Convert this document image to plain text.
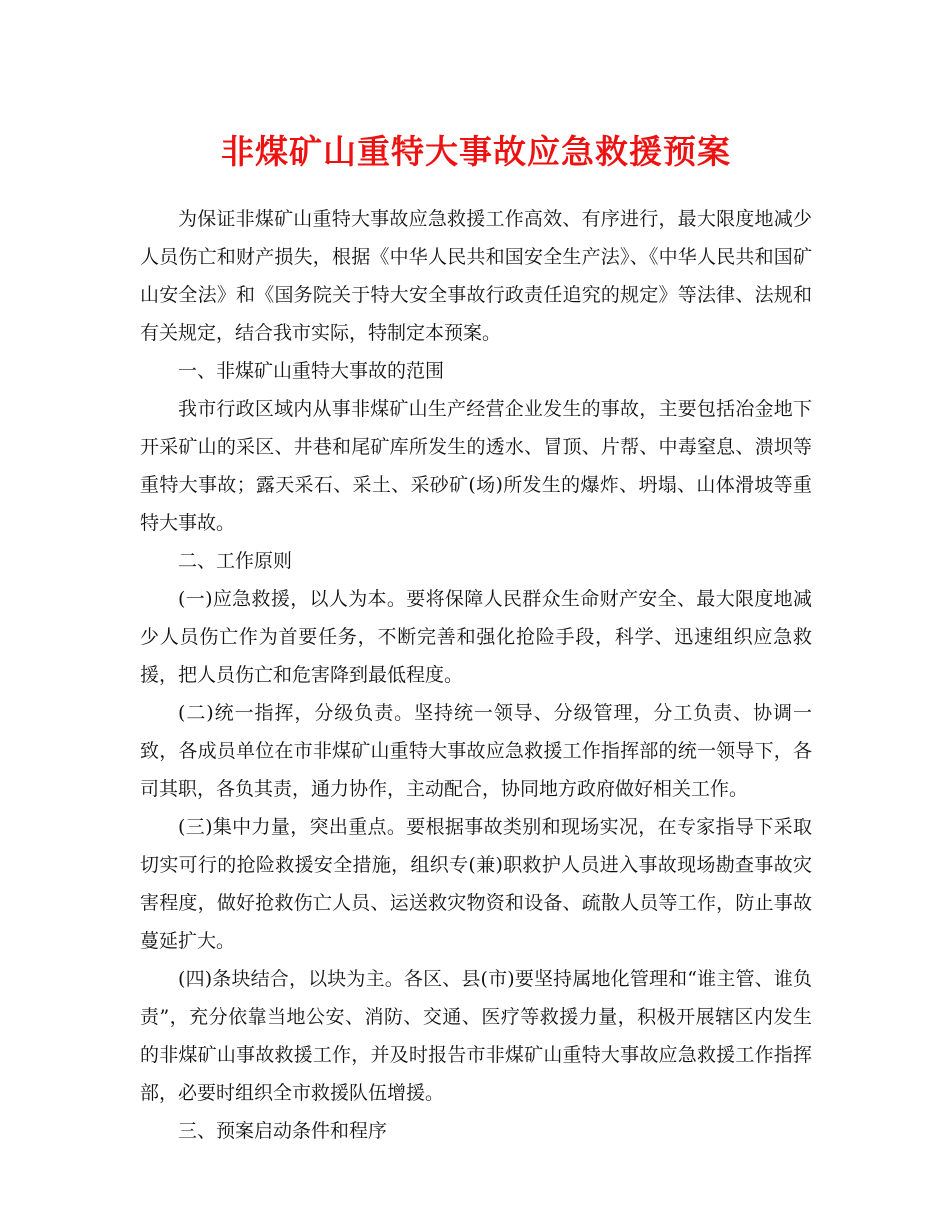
非煤矿山重特大事故应急救援预案

为保证非煤矿山重特大事故应急救援工作高效、有序进行，最大限度地减少人员伤亡和财产损失，根据《中华人民共和国安全生产法》、《中华人民共和国矿山安全法》和《国务院关于特大安全事故行政责任追究的规定》等法律、法规和有关规定，结合我市实际，特制定本预案。

一、非煤矿山重特大事故的范围

我市行政区域内从事非煤矿山生产经营企业发生的事故，主要包括冶金地下开采矿山的采区、井巷和尾矿库所发生的透水、冒顶、片帮、中毒窒息、溃坝等重特大事故；露天采石、采土、采砂矿(场)所发生的爆炸、坍塌、山体滑坡等重特大事故。

二、工作原则

(一)应急救援，以人为本。要将保障人民群众生命财产安全、最大限度地减少人员伤亡作为首要任务，不断完善和强化抢险手段，科学、迅速组织应急救援，把人员伤亡和危害降到最低程度。

(二)统一指挥，分级负责。坚持统一领导、分级管理，分工负责、协调一致，各成员单位在市非煤矿山重特大事故应急救援工作指挥部的统一领导下，各司其职，各负其责，通力协作，主动配合，协同地方政府做好相关工作。

(三)集中力量，突出重点。要根据事故类别和现场实况，在专家指导下采取切实可行的抢险救援安全措施，组织专(兼)职救护人员进入事故现场勘查事故灾害程度，做好抢救伤亡人员、运送救灾物资和设备、疏散人员等工作，防止事故蔓延扩大。

(四)条块结合，以块为主。各区、县(市)要坚持属地化管理和“谁主管、谁负责”，充分依靠当地公安、消防、交通、医疗等救援力量，积极开展辖区内发生的非煤矿山事故救援工作，并及时报告市非煤矿山重特大事故应急救援工作指挥部，必要时组织全市救援队伍增援。

三、预案启动条件和程序
